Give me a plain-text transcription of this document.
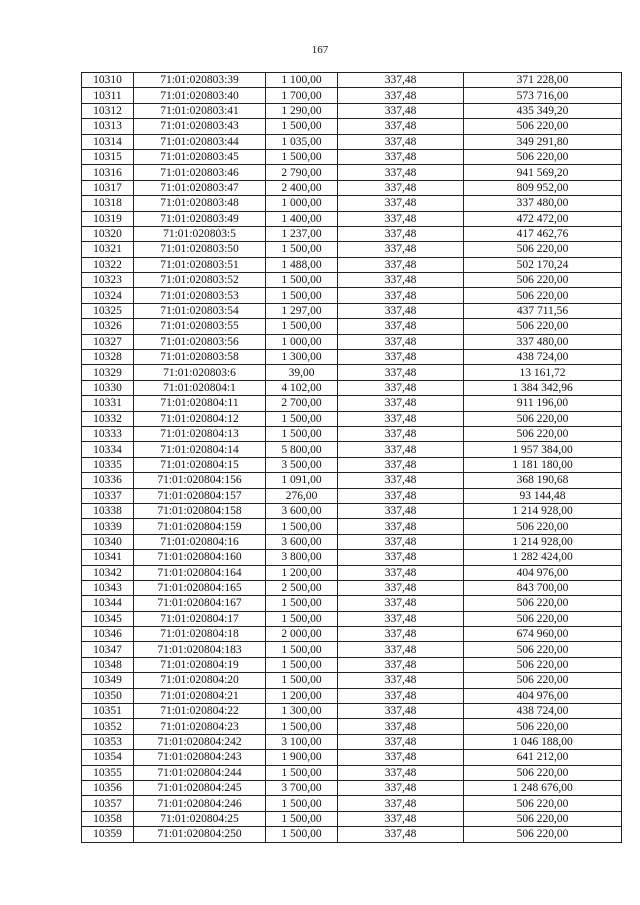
167
10310	71:01:020803:39	1 100,00	337,48	371 228,00
10311	71:01:020803:40	1 700,00	337,48	573 716,00
10312	71:01:020803:41	1 290,00	337,48	435 349,20
10313	71:01:020803:43	1 500,00	337,48	506 220,00
10314	71:01:020803:44	1 035,00	337,48	349 291,80
10315	71:01:020803:45	1 500,00	337,48	506 220,00
10316	71:01:020803:46	2 790,00	337,48	941 569,20
10317	71:01:020803:47	2 400,00	337,48	809 952,00
10318	71:01:020803:48	1 000,00	337,48	337 480,00
10319	71:01:020803:49	1 400,00	337,48	472 472,00
10320	71:01:020803:5	1 237,00	337,48	417 462,76
10321	71:01:020803:50	1 500,00	337,48	506 220,00
10322	71:01:020803:51	1 488,00	337,48	502 170,24
10323	71:01:020803:52	1 500,00	337,48	506 220,00
10324	71:01:020803:53	1 500,00	337,48	506 220,00
10325	71:01:020803:54	1 297,00	337,48	437 711,56
10326	71:01:020803:55	1 500,00	337,48	506 220,00
10327	71:01:020803:56	1 000,00	337,48	337 480,00
10328	71:01:020803:58	1 300,00	337,48	438 724,00
10329	71:01:020803:6	39,00	337,48	13 161,72
10330	71:01:020804:1	4 102,00	337,48	1 384 342,96
10331	71:01:020804:11	2 700,00	337,48	911 196,00
10332	71:01:020804:12	1 500,00	337,48	506 220,00
10333	71:01:020804:13	1 500,00	337,48	506 220,00
10334	71:01:020804:14	5 800,00	337,48	1 957 384,00
10335	71:01:020804:15	3 500,00	337,48	1 181 180,00
10336	71:01:020804:156	1 091,00	337,48	368 190,68
10337	71:01:020804:157	276,00	337,48	93 144,48
10338	71:01:020804:158	3 600,00	337,48	1 214 928,00
10339	71:01:020804:159	1 500,00	337,48	506 220,00
10340	71:01:020804:16	3 600,00	337,48	1 214 928,00
10341	71:01:020804:160	3 800,00	337,48	1 282 424,00
10342	71:01:020804:164	1 200,00	337,48	404 976,00
10343	71:01:020804:165	2 500,00	337,48	843 700,00
10344	71:01:020804:167	1 500,00	337,48	506 220,00
10345	71:01:020804:17	1 500,00	337,48	506 220,00
10346	71:01:020804:18	2 000,00	337,48	674 960,00
10347	71:01:020804:183	1 500,00	337,48	506 220,00
10348	71:01:020804:19	1 500,00	337,48	506 220,00
10349	71:01:020804:20	1 500,00	337,48	506 220,00
10350	71:01:020804:21	1 200,00	337,48	404 976,00
10351	71:01:020804:22	1 300,00	337,48	438 724,00
10352	71:01:020804:23	1 500,00	337,48	506 220,00
10353	71:01:020804:242	3 100,00	337,48	1 046 188,00
10354	71:01:020804:243	1 900,00	337,48	641 212,00
10355	71:01:020804:244	1 500,00	337,48	506 220,00
10356	71:01:020804:245	3 700,00	337,48	1 248 676,00
10357	71:01:020804:246	1 500,00	337,48	506 220,00
10358	71:01:020804:25	1 500,00	337,48	506 220,00
10359	71:01:020804:250	1 500,00	337,48	506 220,00
